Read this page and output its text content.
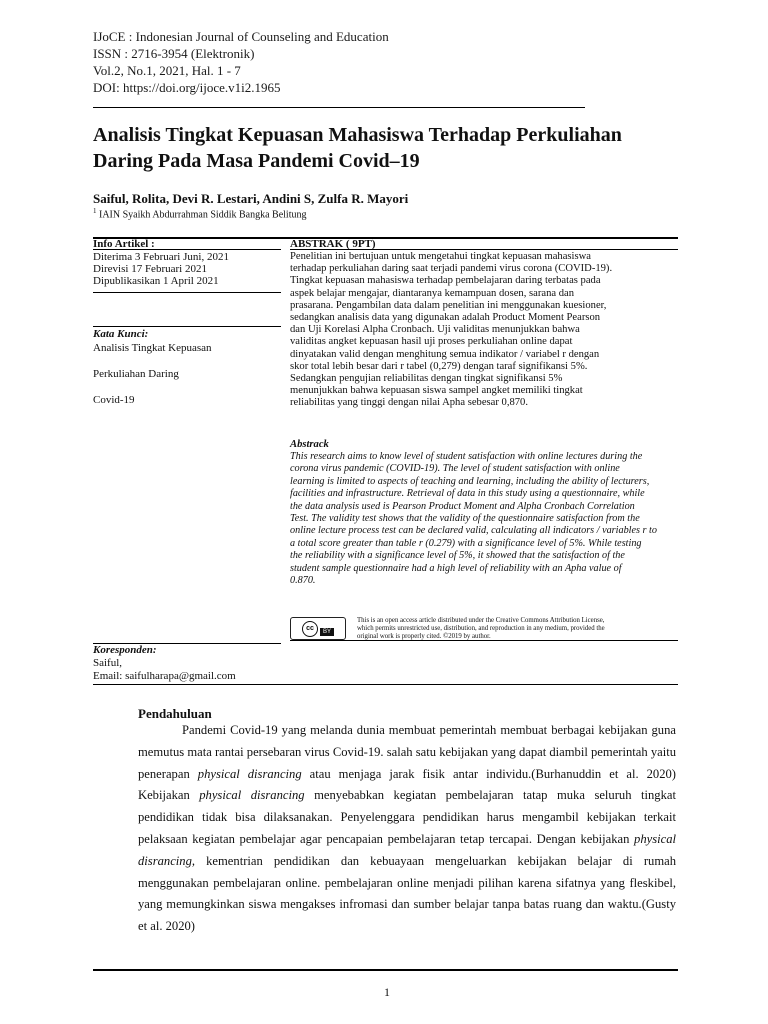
IJoCE : Indonesian Journal of Counseling and Education
ISSN : 2716-3954 (Elektronik)
Vol.2, No.1, 2021, Hal. 1 - 7
DOI: https://doi.org/ijoce.v1i2.1965
Analisis Tingkat Kepuasan Mahasiswa Terhadap Perkuliahan
Daring Pada Masa Pandemi Covid–19
Saiful, Rolita, Devi R. Lestari, Andini S, Zulfa R. Mayori
$^1$ IAIN Syaikh Abdurrahman Siddik Bangka Belitung
Info Artikel :
Diterima 3 Februari Juni, 2021
Direvisi 17 Februari 2021
Dipublikasikan 1 April 2021
Kata Kunci:
Analisis Tingkat Kepuasan
Perkuliahan Daring
Covid-19
ABSTRAK ( 9PT)
Penelitian ini bertujuan untuk mengetahui tingkat kepuasan mahasiswa
terhadap perkuliahan daring saat terjadi pandemi virus corona (COVID-19).
Tingkat kepuasan mahasiswa terhadap pembelajaran daring terbatas pada
aspek belajar mengajar, diantaranya kemampuan dosen, sarana dan
prasarana. Pengambilan data dalam penelitian ini menggunakan kuesioner,
sedangkan analisis data yang digunakan adalah Product Moment Pearson
dan Uji Korelasi Alpha Cronbach. Uji validitas menunjukkan bahwa
validitas angket kepuasan hasil uji proses perkuliahan online dapat
dinyatakan valid dengan menghitung semua indikator / variabel r dengan
skor total lebih besar dari r tabel (0,279) dengan taraf signifikansi 5%.
Sedangkan pengujian reliabilitas dengan tingkat signifikansi 5%
menunjukkan bahwa kepuasan siswa sampel angket memiliki tingkat
reliabilitas yang tinggi dengan nilai Apha sebesar 0,870.
Abstrack
This research aims to know level of student satisfaction with online lectures during the
corona virus pandemic (COVID-19). The level of student satisfaction with online
learning is limited to aspects of teaching and learning, including the ability of lecturers,
facilities and infrastructure. Retrieval of data in this study using a questionnaire, while
the data analysis used is Pearson Product Moment and Alpha Cronbach Correlation
Test. The validity test shows that the validity of the questionnaire satisfaction from the
online lecture process test can be declared valid, calculating all indicators / variables r to
a total score greater than table r (0.279) with a significance level of 5%. While testing
the reliability with a significance level of 5%, it showed that the satisfaction of the
student sample questionnaire had a high level of reliability with an Apha value of
0.870.
cc	BY
This is an open access article distributed under the Creative Commons Attribution License,
which permits unrestricted use, distribution, and reproduction in any medium, provided the
original work is properly cited. ©2019 by author.
Koresponden:
Saiful,
Email: saifulharapa@gmail.com
Pendahuluan

Pandemi Covid-19 yang melanda dunia membuat pemerintah membuat berbagai kebijakan guna memutus mata rantai persebaran virus Covid-19. salah satu kebijakan yang dapat diambil pemerintah yaitu penerapan physical disrancing atau menjaga jarak fisik antar individu.(Burhanuddin et al. 2020) Kebijakan physical disrancing menyebabkan kegiatan pembelajaran tatap muka seluruh tingkat pendidikan tidak bisa dilaksanakan. Penyelenggara pendidikan harus mengambil kebijakan terkait pelaksaan kegiatan pembelajar agar pencapaian pembelajaran tetap tercapai. Dengan kebijakan physical disrancing, kementrian pendidikan dan kebuayaan mengeluarkan kebijakan belajar di rumah menggunakan pembelajaran online. pembelajaran online menjadi pilihan karena sifatnya yang fleskibel, yang memungkinkan siswa mengakses infromasi dan sumber belajar tanpa batas ruang dan waktu.(Gusty et al. 2020)

1
